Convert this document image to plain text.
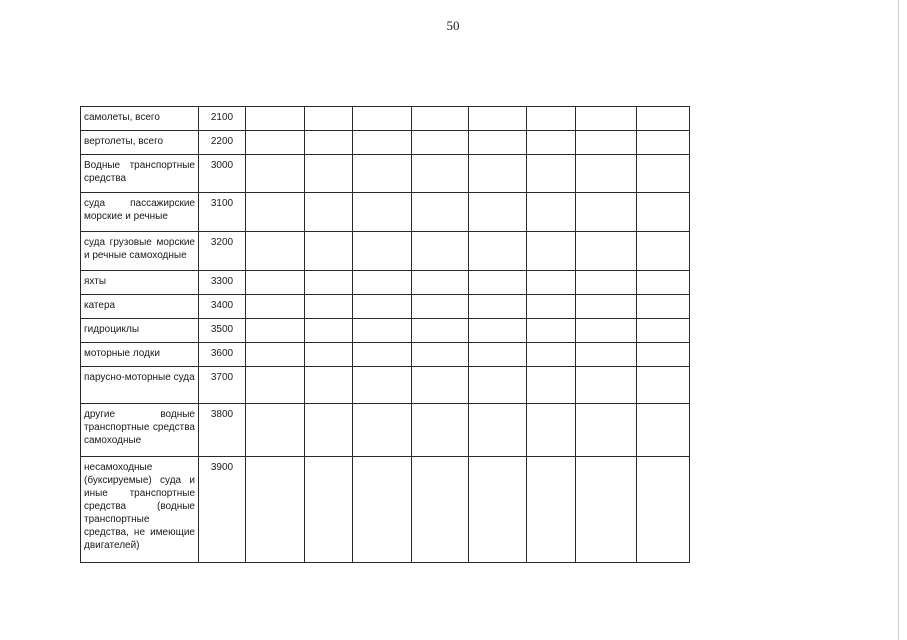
50
самолеты, всего	2100								
вертолеты, всего	2200								
Водные транспортные средства	3000								
суда пассажирские морские и речные	3100								
суда грузовые морские и речные самоходные	3200								
яхты	3300								
катера	3400								
гидроциклы	3500								
моторные лодки	3600								
парусно-моторные суда	3700								
другие водные транспортные средства самоходные	3800								
несамоходные (буксируемые) суда и иные транспортные средства (водные транспортные средства, не имеющие двигателей)	3900								
